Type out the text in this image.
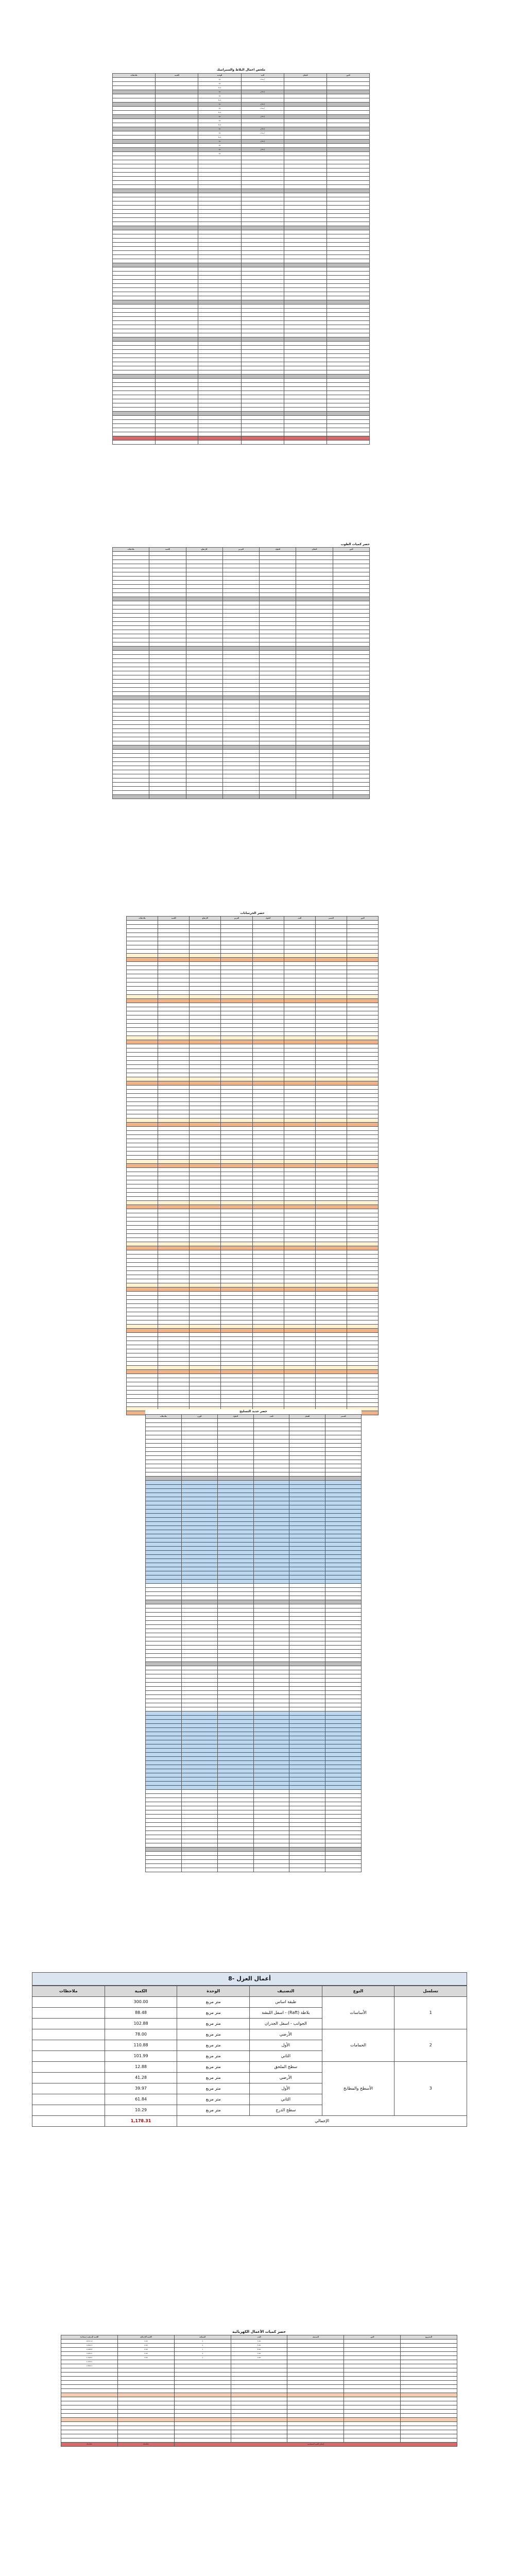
ملخص اعمال البلاط والسيراميك
الدور	المكان	البند	الوحدة	الكمية	ملاحظات
		أرضيات	م2		
			م2		
			م.ط		
		إجمالي	م2		
			م2		
			م.ط		
		إجمالي	م2		
		أرضيات	م2		
			م.ط		
		إجمالي	م2		
			م2		
			م.ط		
		إجمالي	م2		
		أرضيات	م2		
			م.ط		
		إجمالي	م2		
			م2		
		إجمالي	م2		
			م2		

حصر كميات الطوب
الدور	المكان	الطول	العرض	الارتفاع	الكمية	ملاحظات

حصر الخرسانات
الدور	العنصر	العدد	الطول	العرض	الارتفاع	الكمية	ملاحظات

حصر حديد التسليح
العنصر	القطر	العدد	الطول	الوزن	ملاحظات

8- أعمال العزل
تسلسل	النوع	التصنيف	الوحدة	الكمية	ملاحظات
1	الأساسات	طبقة اساس	متر مربع	300.00	
		بلاطة (Raft) - اسفل اللبشة	متر مربع	88.48	
		الجوانب - اسفل الجدران	متر مربع	102.88	
2	الحمامات	الأرضي	متر مربع	78.00	
		الأول	متر مربع	110.88	
		الثاني	متر مربع	101.99	
3	الأسطح والمطابخ	سطح الملحق	متر مربع	12.88	
		الأرضي	متر مربع	41.28	
		الأول	متر مربع	39.97	
		الثاني	متر مربع	61.84	
		سطح الدرج	متر مربع	10.29	
الإجمالي				1,178.31	
حصر كميات الأعمال الكهربائية
المشروع	الدور	التصنيف	العدد	المسافة	الكمية الإجمالية	الكمية المتبقية (مساحة)
			5.00	2	3.00	1032.12
			5.00	2	2.00	4,816.3
			8.00	1	2.00	2,048.8
			3.00	4	3.00	3,250.0
			4.00	1	3.00	1,318.6
						1,234.5
						2,506.3

إجمالي الكمية المستخدمة					29,855	25,931
